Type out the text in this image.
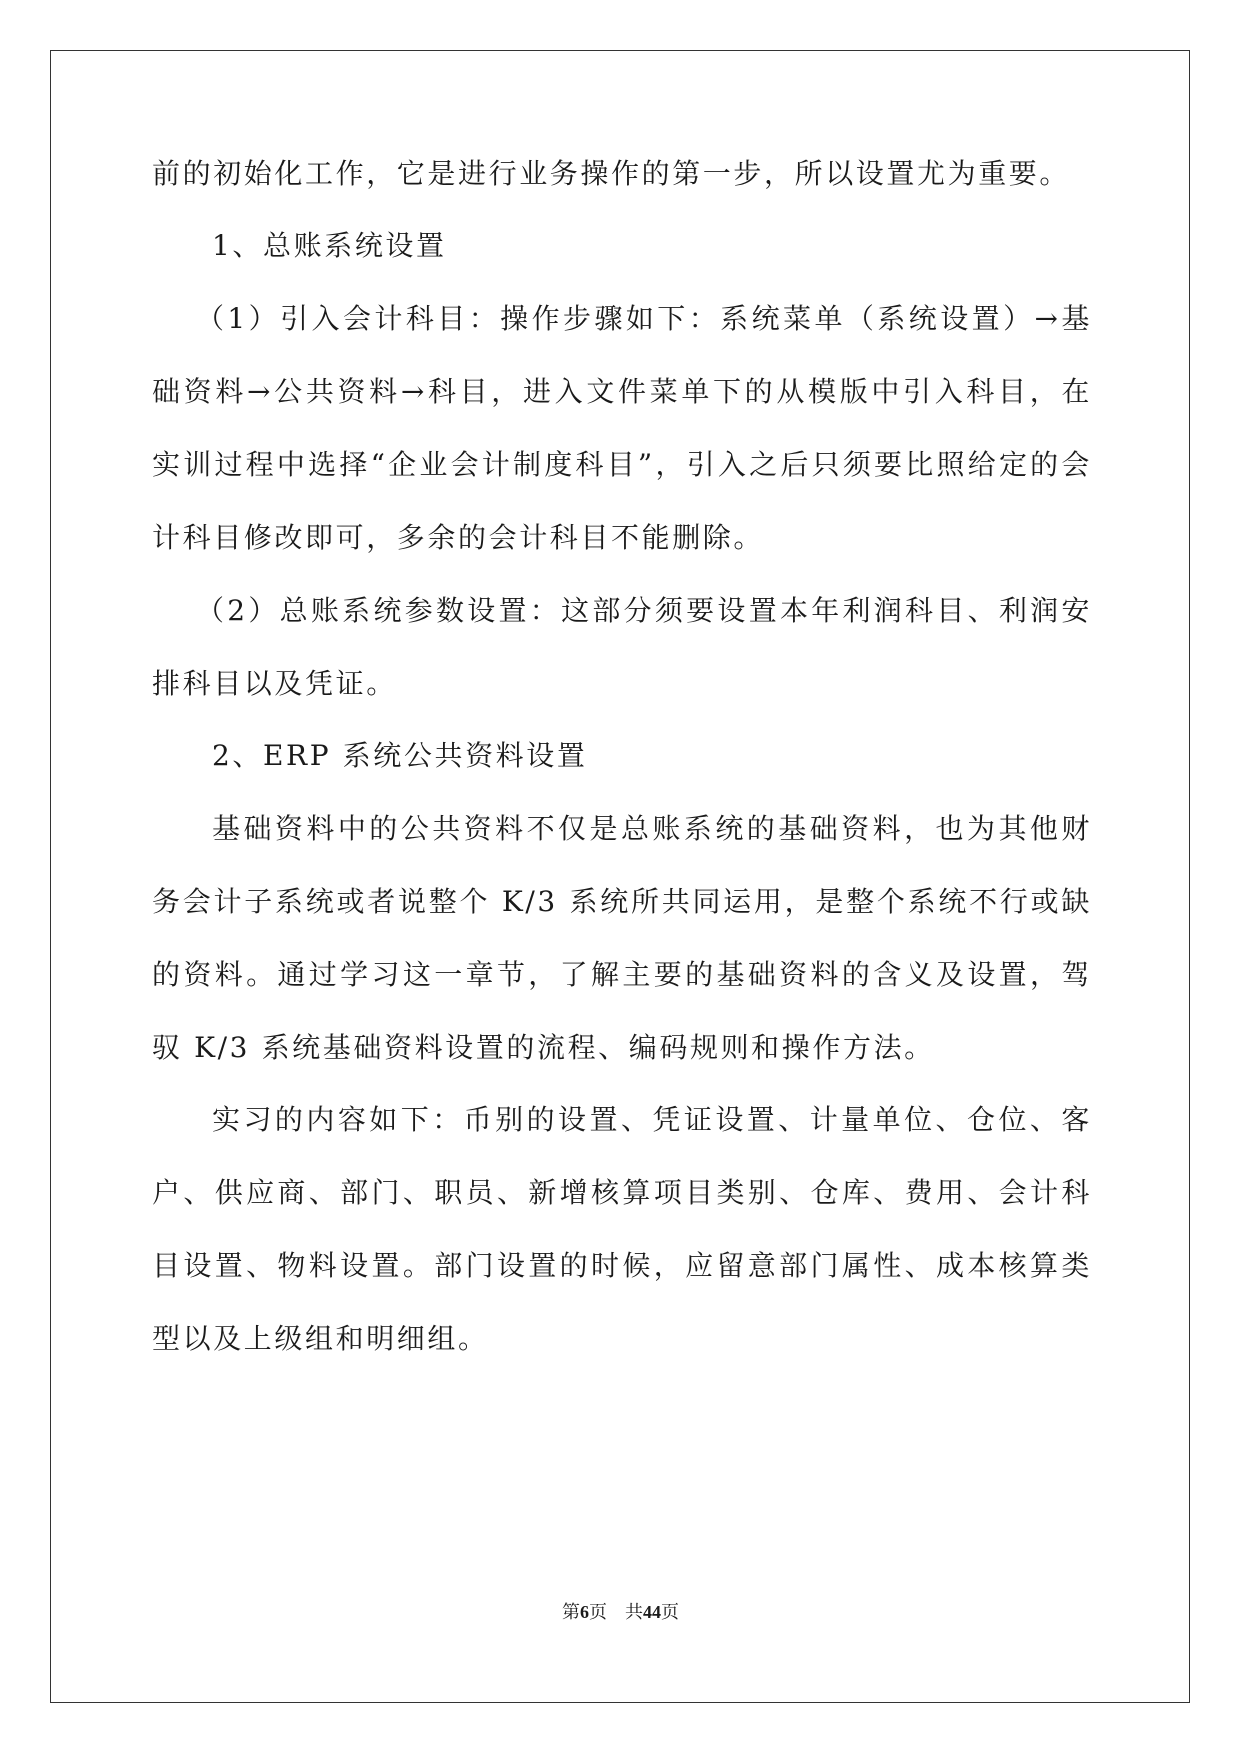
前的初始化工作，它是进行业务操作的第一步，所以设置尤为重要。
1、总账系统设置
（1）引入会计科目：操作步骤如下：系统菜单（系统设置）→基
础资料→公共资料→科目，进入文件菜单下的从模版中引入科目，在
实训过程中选择“企业会计制度科目”，引入之后只须要比照给定的会
计科目修改即可，多余的会计科目不能删除。
（2）总账系统参数设置：这部分须要设置本年利润科目、利润安
排科目以及凭证。
2、ERP 系统公共资料设置
基础资料中的公共资料不仅是总账系统的基础资料，也为其他财
务会计子系统或者说整个 K/3 系统所共同运用，是整个系统不行或缺
的资料。通过学习这一章节，了解主要的基础资料的含义及设置，驾
驭 K/3 系统基础资料设置的流程、编码规则和操作方法。
实习的内容如下：币别的设置、凭证设置、计量单位、仓位、客
户、供应商、部门、职员、新增核算项目类别、仓库、费用、会计科
目设置、物料设置。部门设置的时候，应留意部门属性、成本核算类
型以及上级组和明细组。
第6页　共44页
